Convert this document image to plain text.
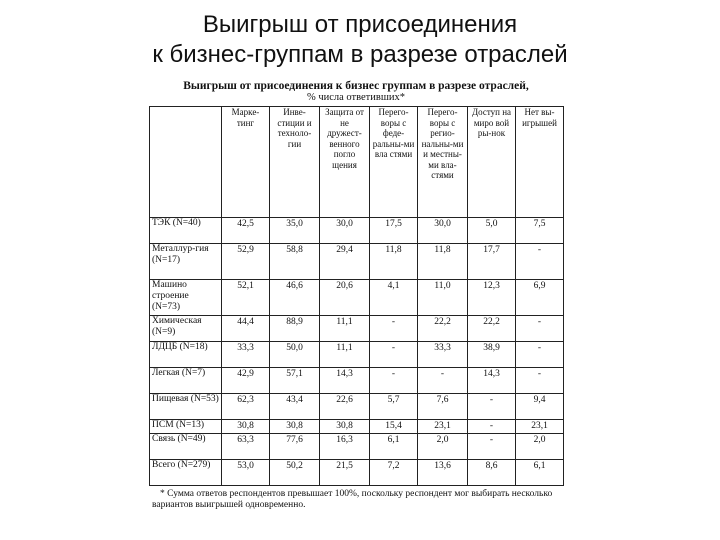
Выигрыш от присоединения
к бизнес-группам в разрезе отраслей
Выигрыш от присоединения к бизнес группам в разрезе отраслей,
% числа ответивших*
	Марке-тинг	Инве-стиции и техноло-гии	Защита от не дружест-венного погло щения	Перего-воры с феде-ральны-ми вла стями	Перего-воры с регио-нальны-ми и местны-ми вла-стями	Доступ на миро вой ры-нок	Нет вы-игрышей
ТЭК (N=40)	42,5	35,0	30,0	17,5	30,0	5,0	7,5
Металлур-гия (N=17)	52,9	58,8	29,4	11,8	11,8	17,7	-
Машино строение (N=73)	52,1	46,6	20,6	4,1	11,0	12,3	6,9
Химическая (N=9)	44,4	88,9	11,1	-	22,2	22,2	-
ЛДЦБ (N=18)	33,3	50,0	11,1	-	33,3	38,9	-
Легкая (N=7)	42,9	57,1	14,3	-	-	14,3	-
Пищевая (N=53)	62,3	43,4	22,6	5,7	7,6	-	9,4
ПСМ (N=13)	30,8	30,8	30,8	15,4	23,1	-	23,1
Связь (N=49)	63,3	77,6	16,3	6,1	2,0	-	2,0
Всего (N=279)	53,0	50,2	21,5	7,2	13,6	8,6	6,1
* Сумма ответов респондентов превышает 100%, поскольку респондент мог выбирать несколько вариантов выигрышей одновременно.
